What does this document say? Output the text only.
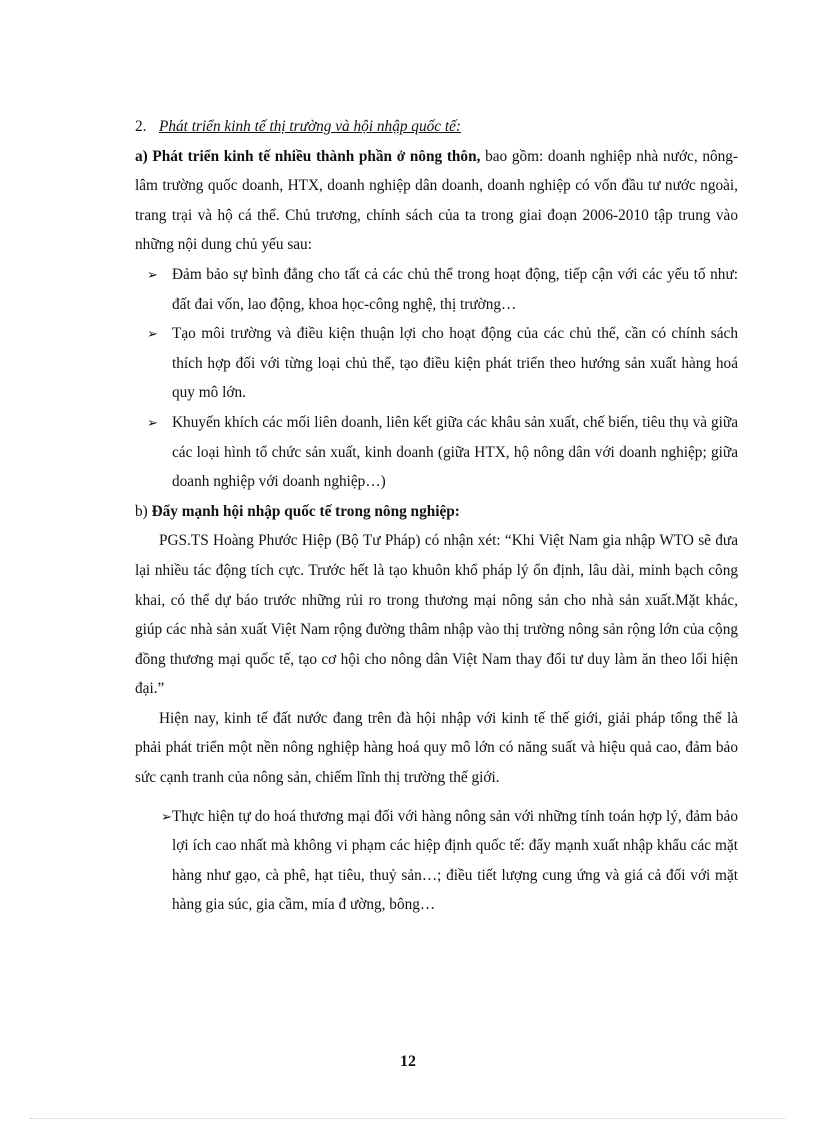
2. Phát triển kinh tế thị trường và hội nhập quốc tế:

a) Phát triển kinh tế nhiều thành phần ở nông thôn, bao gồm: doanh nghiệp nhà nước, nông-lâm trường quốc doanh, HTX, doanh nghiệp dân doanh, doanh nghiệp có vốn đầu tư nước ngoài, trang trại và hộ cá thể. Chủ trương, chính sách của ta trong giai đoạn 2006-2010 tập trung vào những nội dung chủ yếu sau:

➢ Đảm bảo sự bình đẳng cho tất cả các chủ thể trong hoạt động, tiếp cận với các yếu tố như: đất đai vốn, lao động, khoa học-công nghệ, thị trường…
➢ Tạo môi trường và điều kiện thuận lợi cho hoạt động của các chủ thể, cần có chính sách thích hợp đối với từng loại chủ thể, tạo điều kiện phát triển theo hướng sản xuất hàng hoá quy mô lớn.
➢ Khuyến khích các mối liên doanh, liên kết giữa các khâu sản xuất, chế biến, tiêu thụ và giữa các loại hình tổ chức sản xuất, kinh doanh (giữa HTX, hộ nông dân với doanh nghiệp; giữa doanh nghiệp với doanh nghiệp…)

b) Đẩy mạnh hội nhập quốc tế trong nông nghiệp:

PGS.TS Hoàng Phước Hiệp (Bộ Tư Pháp) có nhận xét: “Khi Việt Nam gia nhập WTO sẽ đưa lại nhiều tác động tích cực. Trước hết là tạo khuôn khổ pháp lý ổn định, lâu dài, minh bạch công khai, có thể dự báo trước những rủi ro trong thương mại nông sản cho nhà sản xuất.Mặt khác, giúp các nhà sản xuất Việt Nam rộng đường thâm nhập vào thị trường nông sản rộng lớn của cộng đồng thương mại quốc tế, tạo cơ hội cho nông dân Việt Nam thay đổi tư duy làm ăn theo lối hiện đại.”

Hiện nay, kinh tế đất nước đang trên đà hội nhập với kinh tế thế giới, giải pháp tổng thể là phải phát triển một nền nông nghiệp hàng hoá quy mô lớn có năng suất và hiệu quả cao, đảm bảo sức cạnh tranh của nông sản, chiếm lĩnh thị trường thế giới.

➢ Thực hiện tự do hoá thương mại đối với hàng nông sản với những tính toán hợp lý, đảm bảo lợi ích cao nhất mà không vi phạm các hiệp định quốc tế: đẩy mạnh xuất nhập khẩu các mặt hàng như gạo, cà phê, hạt tiêu, thuỷ sản…; điều tiết lượng cung ứng và giá cả đối với mặt hàng gia súc, gia cầm, mía đ ường, bông…
12
